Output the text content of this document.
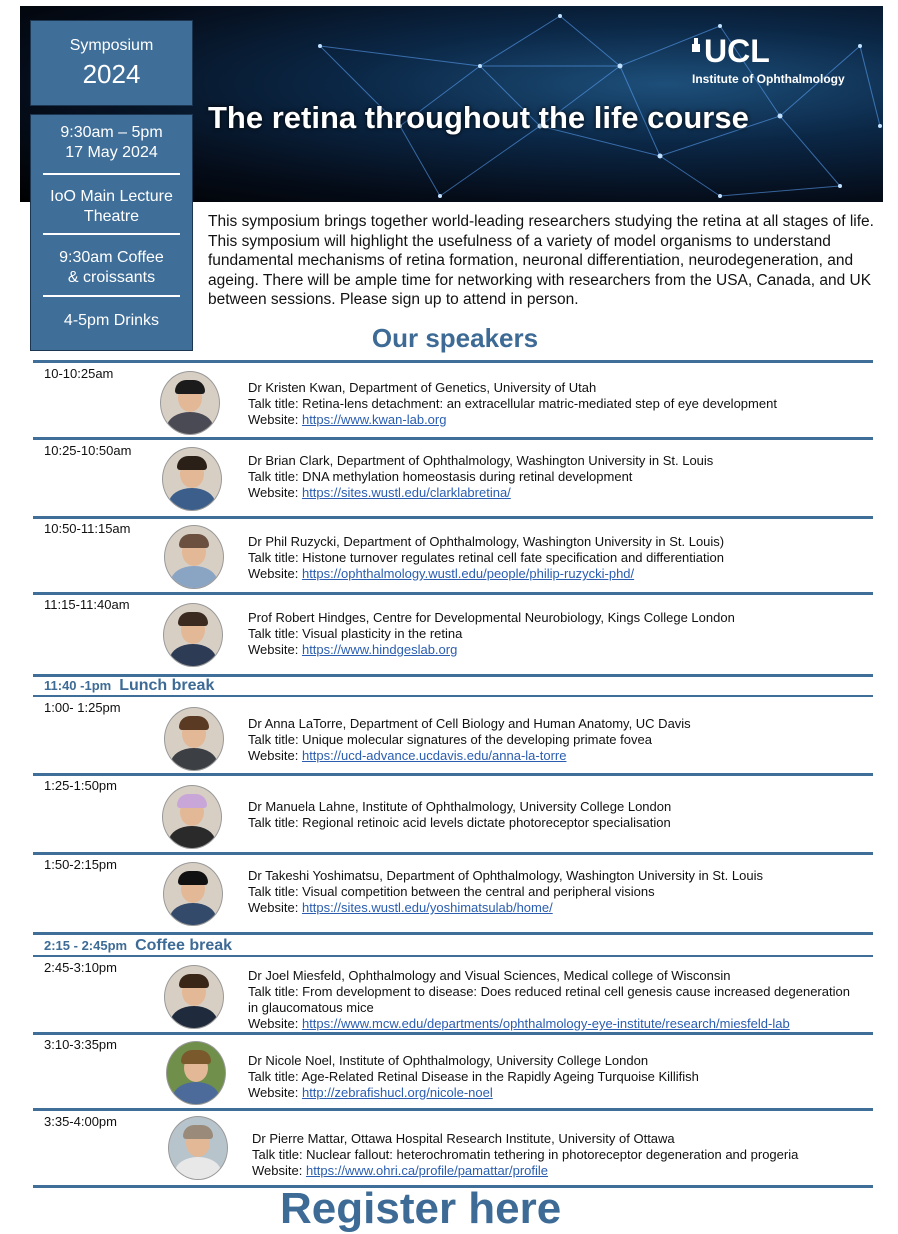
UCL
Institute of Ophthalmology
The retina throughout the life course
Symposium
2024
9:30am – 5pm
17 May 2024
IoO Main Lecture
Theatre
9:30am Coffee
& croissants
4-5pm Drinks
This symposium brings together world-leading researchers studying the retina at all stages of life. This symposium will highlight the usefulness of a variety of model organisms to understand fundamental mechanisms of retina formation, neuronal differentiation, neurodegeneration, and ageing. There will be ample time for networking with researchers from the USA, Canada, and UK between sessions. Please sign up to attend in person.
Our speakers
10-10:25am
Dr Kristen Kwan, Department of Genetics, University of Utah
Talk title: Retina-lens detachment: an extracellular matric-mediated step of eye development
Website: https://www.kwan-lab.org
10:25-10:50am
Dr Brian Clark, Department of Ophthalmology, Washington University in St. Louis
Talk title: DNA methylation homeostasis during retinal development
Website: https://sites.wustl.edu/clarklabretina/
10:50-11:15am
Dr Phil Ruzycki, Department of Ophthalmology, Washington University in St. Louis)
Talk title: Histone turnover regulates retinal cell fate specification and differentiation
Website: https://ophthalmology.wustl.edu/people/philip-ruzycki-phd/
11:15-11:40am
Prof Robert Hindges, Centre for Developmental Neurobiology, Kings College London
Talk title: Visual plasticity in the retina
Website: https://www.hindgeslab.org
11:40 -1pm Lunch break
1:00- 1:25pm
Dr Anna LaTorre, Department of Cell Biology and Human Anatomy, UC Davis
Talk title: Unique molecular signatures of the developing primate fovea
Website: https://ucd-advance.ucdavis.edu/anna-la-torre
1:25-1:50pm
Dr Manuela Lahne, Institute of Ophthalmology, University College London
Talk title: Regional retinoic acid levels dictate photoreceptor specialisation
1:50-2:15pm
Dr Takeshi Yoshimatsu, Department of Ophthalmology, Washington University in St. Louis
Talk title: Visual competition between the central and peripheral visions
Website: https://sites.wustl.edu/yoshimatsulab/home/
2:15 - 2:45pm Coffee break
2:45-3:10pm
Dr Joel Miesfeld, Ophthalmology and Visual Sciences, Medical college of Wisconsin
Talk title: From development to disease: Does reduced retinal cell genesis cause increased degeneration in glaucomatous mice
Website: https://www.mcw.edu/departments/ophthalmology-eye-institute/research/miesfeld-lab
3:10-3:35pm
Dr Nicole Noel, Institute of Ophthalmology, University College London
Talk title: Age-Related Retinal Disease in the Rapidly Ageing Turquoise Killifish
Website: http://zebrafishucl.org/nicole-noel
3:35-4:00pm
Dr Pierre Mattar, Ottawa Hospital Research Institute, University of Ottawa
Talk title: Nuclear fallout: heterochromatin tethering in photoreceptor degeneration and progeria
Website: https://www.ohri.ca/profile/pamattar/profile
Register here
